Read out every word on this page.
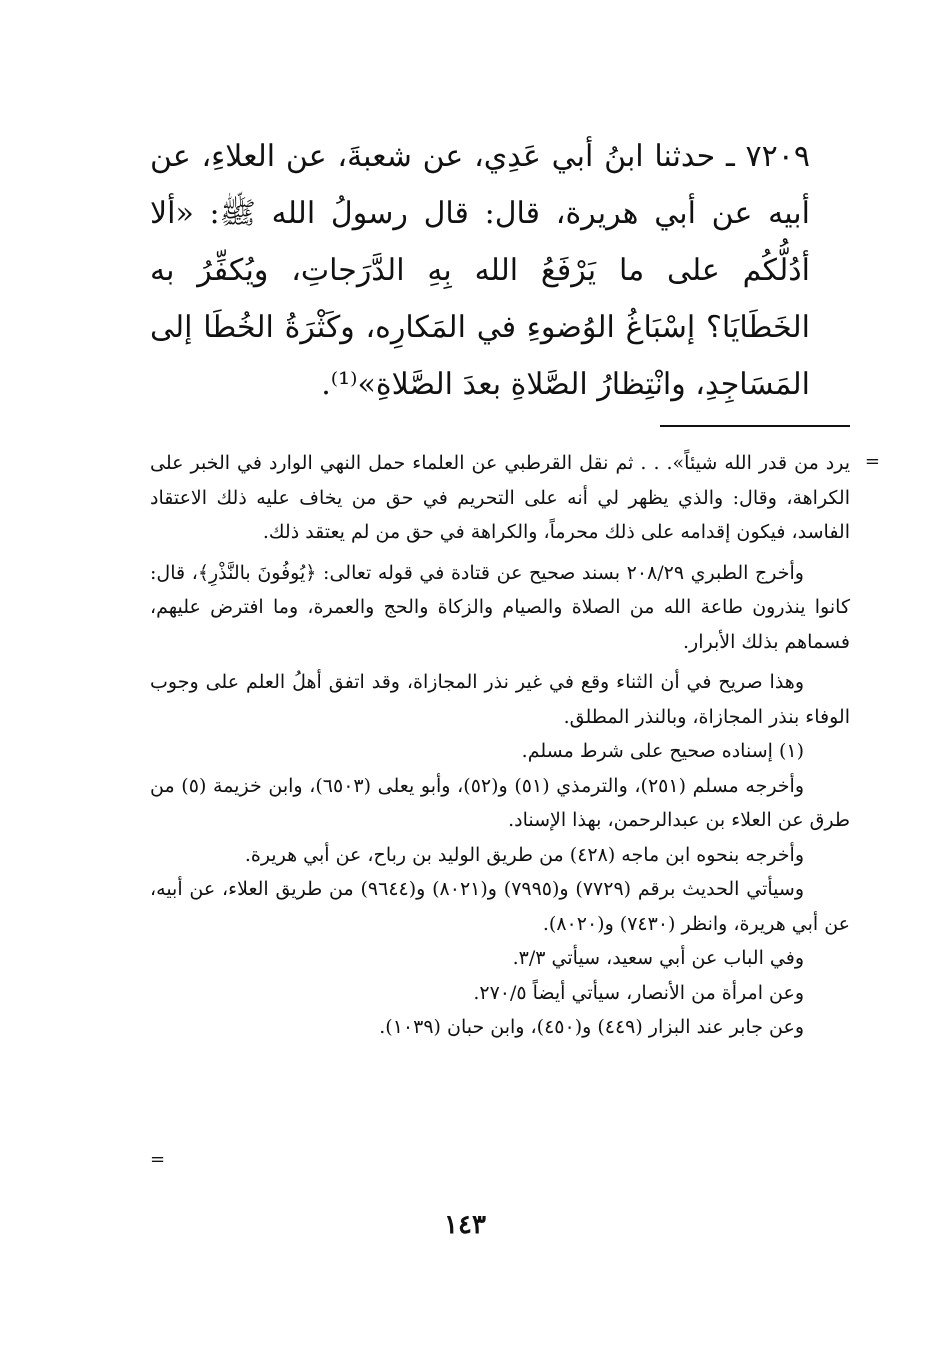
٧٢٠٩ ـ حدثنا ابنُ أبي عَدِي، عن شعبةَ، عن العلاءِ، عن أبيه عن أبي هريرة، قال: قال رسولُ الله ﷺ: «ألا أدُلُّكُم على ما يَرْفَعُ الله بِهِ الدَّرَجاتِ، ويُكفِّرُ به الخَطَايَا؟ إسْبَاغُ الوُضوءِ في المَكارِه، وكَثْرَةُ الخُطَا إلى المَسَاجِدِ، وانْتِظارُ الصَّلاةِ بعدَ الصَّلاةِ»⁽¹⁾.

=

يرد من قدر الله شيئاً». . . ثم نقل القرطبي عن العلماء حمل النهي الوارد في الخبر على الكراهة، وقال: والذي يظهر لي أنه على التحريم في حق من يخاف عليه ذلك الاعتقاد الفاسد، فيكون إقدامه على ذلك محرماً، والكراهة في حق من لم يعتقد ذلك.

وأخرج الطبري ٢٠٨/٢٩ بسند صحيح عن قتادة في قوله تعالى: ﴿يُوفُونَ بالنَّذْرِ﴾، قال: كانوا ينذرون طاعة الله من الصلاة والصيام والزكاة والحج والعمرة، وما افترض عليهم، فسماهم بذلك الأبرار.

وهذا صريح في أن الثناء وقع في غير نذر المجازاة، وقد اتفق أهلُ العلم على وجوب الوفاء بنذر المجازاة، وبالنذر المطلق.

(١) إسناده صحيح على شرط مسلم.

وأخرجه مسلم (٢٥١)، والترمذي (٥١) و(٥٢)، وأبو يعلى (٦٥٠٣)، وابن خزيمة (٥) من طرق عن العلاء بن عبدالرحمن، بهذا الإسناد.

وأخرجه بنحوه ابن ماجه (٤٢٨) من طريق الوليد بن رباح، عن أبي هريرة.

وسيأتي الحديث برقم (٧٧٢٩) و(٧٩٩٥) و(٨٠٢١) و(٩٦٤٤) من طريق العلاء، عن أبيه، عن أبي هريرة، وانظر (٧٤٣٠) و(٨٠٢٠).

وفي الباب عن أبي سعيد، سيأتي ٣/٣.

وعن امرأة من الأنصار، سيأتي أيضاً ٢٧٠/٥.

وعن جابر عند البزار (٤٤٩) و(٤٥٠)، وابن حبان (١٠٣٩).

=
١٤٣
